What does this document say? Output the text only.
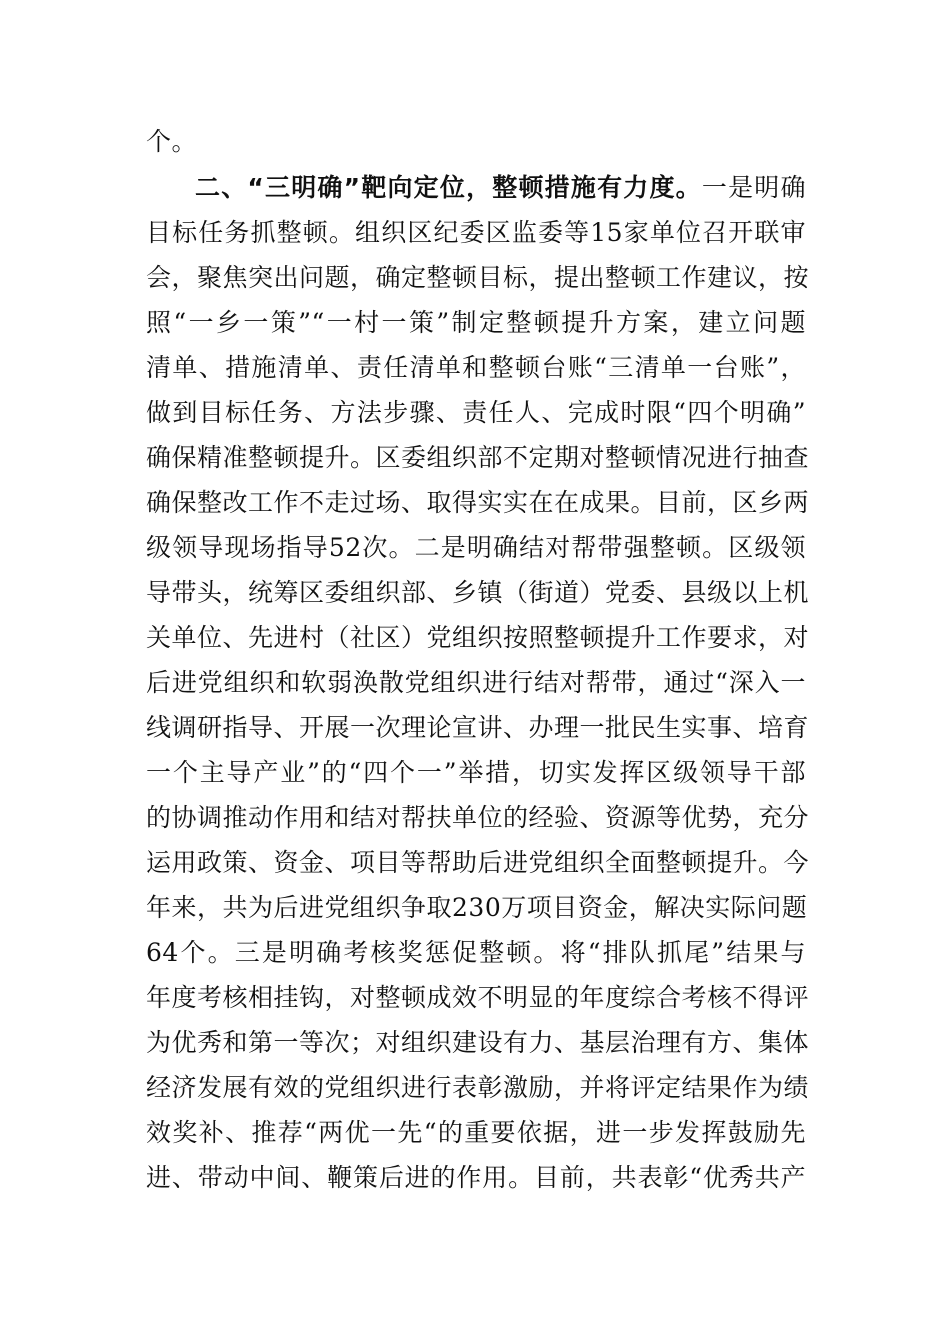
个。
二、“三明确”靶向定位，整顿措施有力度。一是明确
目标任务抓整顿。组织区纪委区监委等15家单位召开联审
会，聚焦突出问题，确定整顿目标，提出整顿工作建议，按
照“一乡一策”“一村一策”制定整顿提升方案，建立问题
清单、措施清单、责任清单和整顿台账“三清单一台账”，
做到目标任务、方法步骤、责任人、完成时限“四个明确”
确保精准整顿提升。区委组织部不定期对整顿情况进行抽查
确保整改工作不走过场、取得实实在在成果。目前，区乡两
级领导现场指导52次。二是明确结对帮带强整顿。区级领
导带头，统筹区委组织部、乡镇（街道）党委、县级以上机
关单位、先进村（社区）党组织按照整顿提升工作要求，对
后进党组织和软弱涣散党组织进行结对帮带，通过“深入一
线调研指导、开展一次理论宣讲、办理一批民生实事、培育
一个主导产业”的“四个一”举措，切实发挥区级领导干部
的协调推动作用和结对帮扶单位的经验、资源等优势，充分
运用政策、资金、项目等帮助后进党组织全面整顿提升。今
年来，共为后进党组织争取230万项目资金，解决实际问题
64个。三是明确考核奖惩促整顿。将“排队抓尾”结果与
年度考核相挂钩，对整顿成效不明显的年度综合考核不得评
为优秀和第一等次；对组织建设有力、基层治理有方、集体
经济发展有效的党组织进行表彰激励，并将评定结果作为绩
效奖补、推荐“两优一先“的重要依据，进一步发挥鼓励先
进、带动中间、鞭策后进的作用。目前，共表彰“优秀共产
